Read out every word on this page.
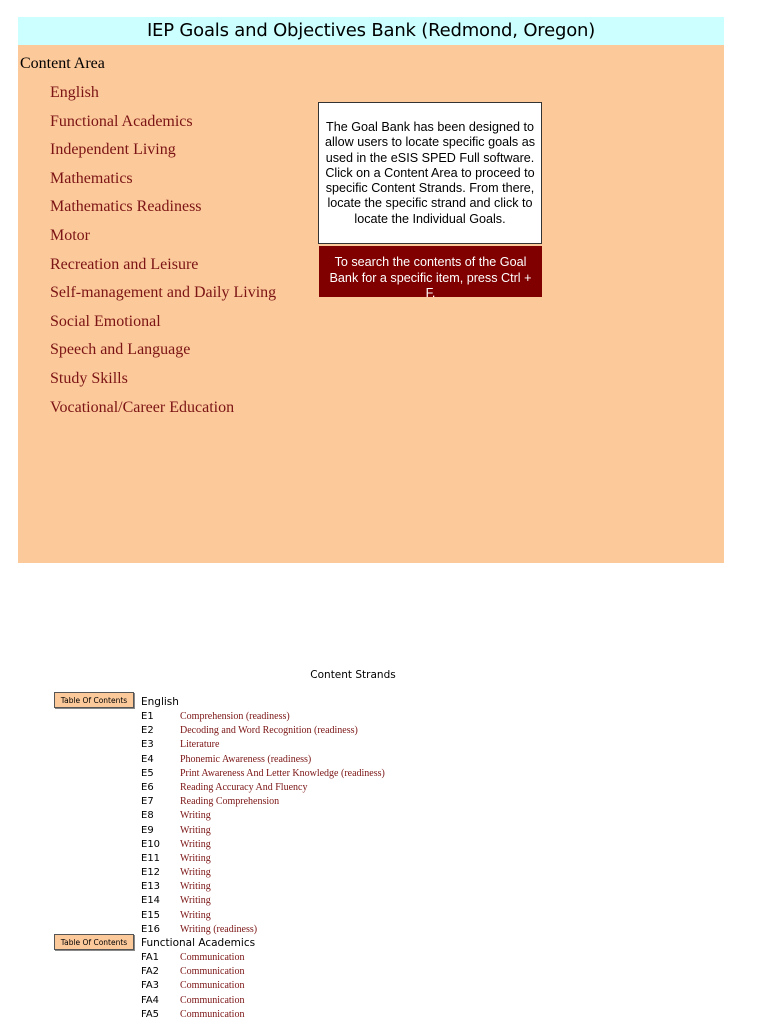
IEP Goals and Objectives Bank (Redmond, Oregon)
Content Area
English
Functional Academics
Independent Living
Mathematics
Mathematics Readiness
Motor
Recreation and Leisure
Self-management and Daily Living
Social Emotional
Speech and Language
Study Skills
Vocational/Career Education
The Goal Bank has been designed to
allow users to locate specific goals as
used in the eSIS SPED Full software.
Click on a Content Area to proceed to
specific Content Strands. From there,
locate the specific strand and click to
locate the Individual Goals.
To search the contents of the Goal
Bank for a specific item, press Ctrl + F.
Content Strands
Table Of Contents	English
E1	Comprehension (readiness)
E2	Decoding and Word Recognition (readiness)
E3	Literature
E4	Phonemic Awareness (readiness)
E5	Print Awareness And Letter Knowledge (readiness)
E6	Reading Accuracy And Fluency
E7	Reading Comprehension
E8	Writing
E9	Writing
E10 Writing
E11 Writing
E12 Writing
E13 Writing
E14 Writing
E15 Writing
E16 Writing (readiness)
Table Of Contents	Functional Academics
FA1 Communication
FA2 Communication
FA3 Communication
FA4 Communication
FA5 Communication
